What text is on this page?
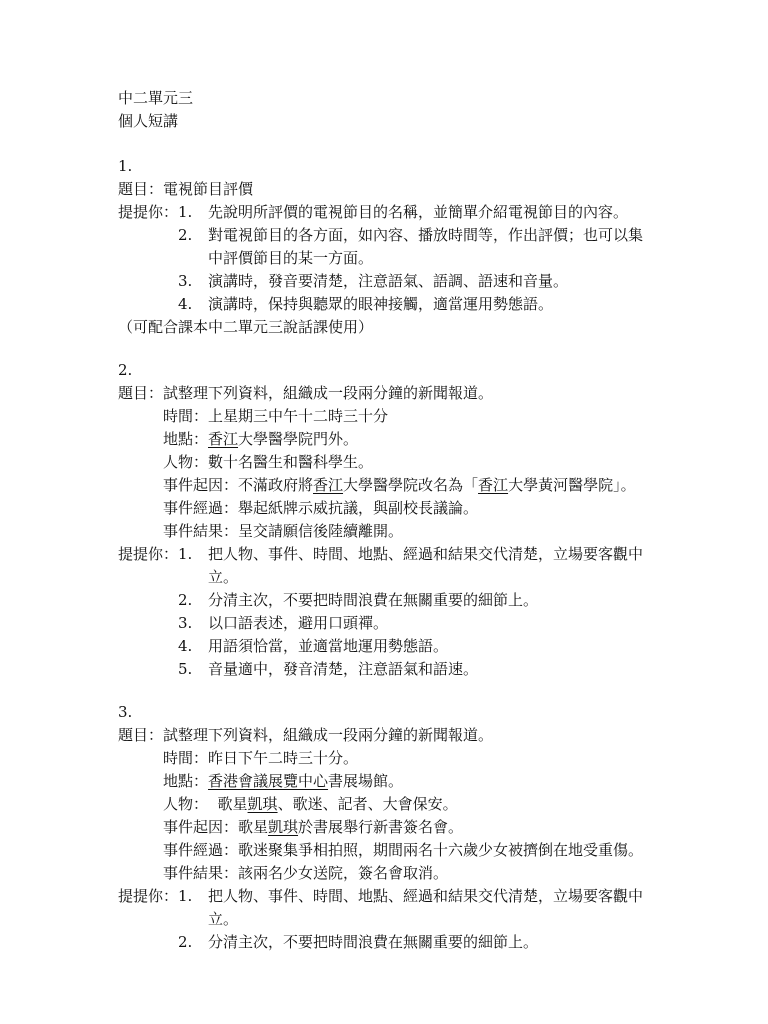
中二單元三
個人短講
1.
題目：電視節目評價
提提你： 1. 先說明所評價的電視節目的名稱，並簡單介紹電視節目的內容。
2. 對電視節目的各方面，如內容、播放時間等，作出評價；也可以集
中評價節目的某一方面。
3. 演講時，發音要清楚，注意語氣、語調、語速和音量。
4. 演講時，保持與聽眾的眼神接觸，適當運用勢態語。
（可配合課本中二單元三說話課使用）
2.
題目：試整理下列資料，組織成一段兩分鐘的新聞報道。
時間：上星期三中午十二時三十分
地點：香江大學醫學院門外。
人物：數十名醫生和醫科學生。
事件起因：不滿政府將香江大學醫學院改名為「香江大學黃河醫學院」。
事件經過：舉起紙牌示威抗議，與副校長議論。
事件結果：呈交請願信後陸續離開。
提提你： 1. 把人物、事件、時間、地點、經過和結果交代清楚，立場要客觀中
立。
2. 分清主次，不要把時間浪費在無關重要的細節上。
3. 以口語表述，避用口頭禪。
4. 用語須恰當，並適當地運用勢態語。
5. 音量適中，發音清楚，注意語氣和語速。
3.
題目：試整理下列資料，組織成一段兩分鐘的新聞報道。
時間：昨日下午二時三十分。
地點：香港會議展覽中心書展場館。
人物：  歌星凱琪、歌迷、記者、大會保安。
事件起因：歌星凱琪於書展舉行新書簽名會。
事件經過：歌迷聚集爭相拍照，期間兩名十六歲少女被擠倒在地受重傷。
事件結果：該兩名少女送院，簽名會取消。
提提你： 1. 把人物、事件、時間、地點、經過和結果交代清楚，立場要客觀中
立。
2. 分清主次，不要把時間浪費在無關重要的細節上。
